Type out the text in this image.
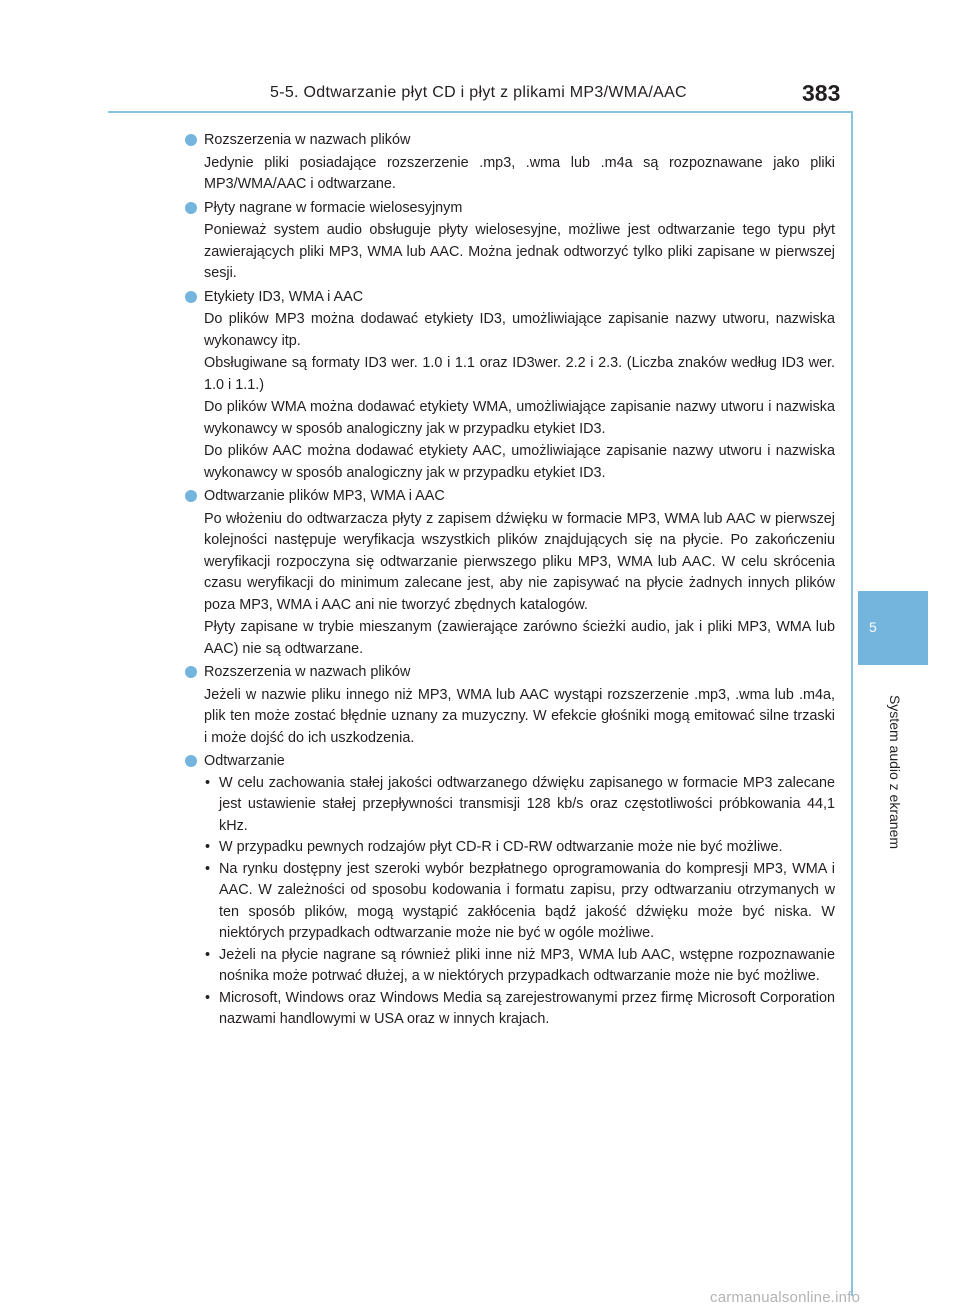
5-5. Odtwarzanie płyt CD i płyt z plikami MP3/WMA/AAC	383
5
System audio z ekranem
Rozszerzenia w nazwach plików
Jedynie pliki posiadające rozszerzenie .mp3, .wma lub .m4a są rozpoznawane jako pliki MP3/WMA/AAC i odtwarzane.
Płyty nagrane w formacie wielosesyjnym
Ponieważ system audio obsługuje płyty wielosesyjne, możliwe jest odtwarzanie tego typu płyt zawierających pliki MP3, WMA lub AAC. Można jednak odtworzyć tylko pliki zapisane w pierwszej sesji.
Etykiety ID3, WMA i AAC
Do plików MP3 można dodawać etykiety ID3, umożliwiające zapisanie nazwy utworu, nazwiska wykonawcy itp.
Obsługiwane są formaty ID3 wer. 1.0 i 1.1 oraz ID3wer. 2.2 i 2.3. (Liczba znaków według ID3 wer. 1.0 i 1.1.)
Do plików WMA można dodawać etykiety WMA, umożliwiające zapisanie nazwy utworu i nazwiska wykonawcy w sposób analogiczny jak w przypadku etykiet ID3.
Do plików AAC można dodawać etykiety AAC, umożliwiające zapisanie nazwy utworu i nazwiska wykonawcy w sposób analogiczny jak w przypadku etykiet ID3.
Odtwarzanie plików MP3, WMA i AAC
Po włożeniu do odtwarzacza płyty z zapisem dźwięku w formacie MP3, WMA lub AAC w pierwszej kolejności następuje weryfikacja wszystkich plików znajdujących się na płycie. Po zakończeniu weryfikacji rozpoczyna się odtwarzanie pierwszego pliku MP3, WMA lub AAC. W celu skrócenia czasu weryfikacji do minimum zalecane jest, aby nie zapisywać na płycie żadnych innych plików poza MP3, WMA i AAC ani nie tworzyć zbędnych katalogów.
Płyty zapisane w trybie mieszanym (zawierające zarówno ścieżki audio, jak i pliki MP3, WMA lub AAC) nie są odtwarzane.
Rozszerzenia w nazwach plików
Jeżeli w nazwie pliku innego niż MP3, WMA lub AAC wystąpi rozszerzenie .mp3, .wma lub .m4a, plik ten może zostać błędnie uznany za muzyczny. W efekcie głośniki mogą emitować silne trzaski i może dojść do ich uszkodzenia.
Odtwarzanie
• W celu zachowania stałej jakości odtwarzanego dźwięku zapisanego w formacie MP3 zalecane jest ustawienie stałej przepływności transmisji 128 kb/s oraz częstotliwości próbkowania 44,1 kHz.
• W przypadku pewnych rodzajów płyt CD-R i CD-RW odtwarzanie może nie być możliwe.
• Na rynku dostępny jest szeroki wybór bezpłatnego oprogramowania do kompresji MP3, WMA i AAC. W zależności od sposobu kodowania i formatu zapisu, przy odtwarzaniu otrzymanych w ten sposób plików, mogą wystąpić zakłócenia bądź jakość dźwięku może być niska. W niektórych przypadkach odtwarzanie może nie być w ogóle możliwe.
• Jeżeli na płycie nagrane są również pliki inne niż MP3, WMA lub AAC, wstępne rozpoznawanie nośnika może potrwać dłużej, a w niektórych przypadkach odtwarzanie może nie być możliwe.
• Microsoft, Windows oraz Windows Media są zarejestrowanymi przez firmę Microsoft Corporation nazwami handlowymi w USA oraz w innych krajach.
carmanualsonline.info
